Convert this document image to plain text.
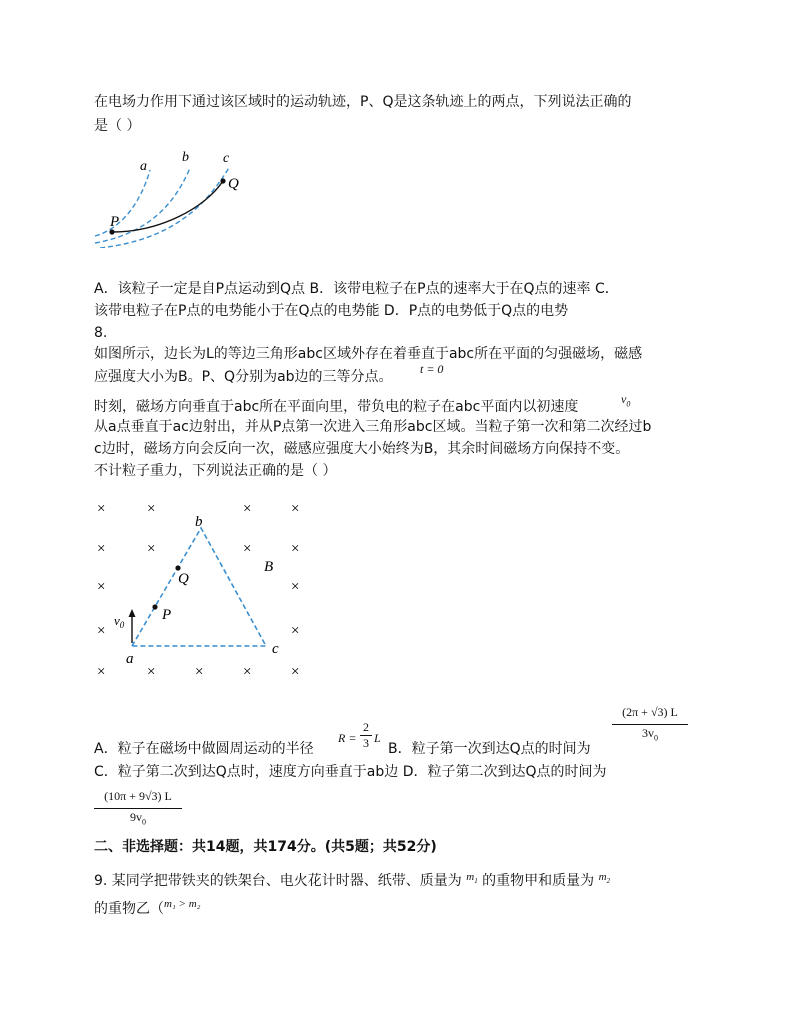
在电场力作用下通过该区域时的运动轨迹，P、Q是这条轨迹上的两点，下列说法正确的
是（ ）
a
b c
P
Q
A．该粒子一定是自P点运动到Q点 B．该带电粒子在P点的速率大于在Q点的速率 C．
该带电粒子在P点的电势能小于在Q点的电势能 D．P点的电势低于Q点的电势
8.
如图所示，边长为L的等边三角形abc区域外存在着垂直于abc所在平面的匀强磁场，磁感
应强度大小为B。P、Q分别为ab边的三等分点。 t = 0
时刻，磁场方向垂直于abc所在平面向里，带负电的粒子在abc平面内以初速度	$v_0$
从a点垂直于ac边射出，并从P点第一次进入三角形abc区域。当粒子第一次和第二次经过b
c边时，磁场方向会反向一次，磁感应强度大小始终为B，其余时间磁场方向保持不变。
不计粒子重力，下列说法正确的是（ ）
×	×	×	×
×	×	×	×
×	×
×	×
×	×	×	×	×
a
b
c
P
Q
B
$v_0$
A．粒子在磁场中做圆周运动的半径
R =
2
3 L
B．粒子第一次到达Q点的时间为
(2π + √3) L
$3v_0$
C．粒子第二次到达Q点时，速度方向垂直于ab边 D．粒子第二次到达Q点的时间为
(10π + 9√3) L
$9v_0$
二、非选择题：共14题，共174分。(共5题；共52分)
9. 某同学把带铁夹的铁架台、电火花计时器、纸带、质量为 $^{m_1}$ 的重物甲和质量为 $^{m_2}$
的重物乙（$^{m_1 > m_2}$
